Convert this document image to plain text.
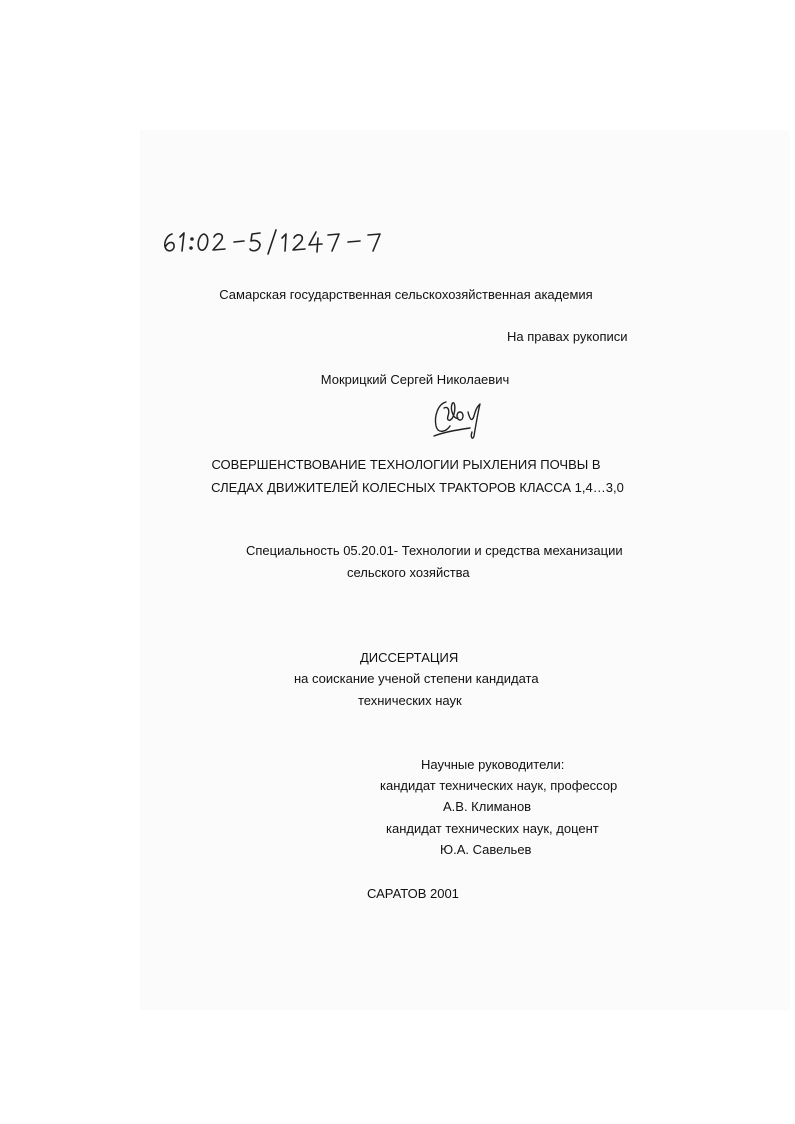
Самарская государственная сельскохозяйственная академия
На правах рукописи
Мокрицкий Сергей Николаевич
СОВЕРШЕНСТВОВАНИЕ ТЕХНОЛОГИИ РЫХЛЕНИЯ ПОЧВЫ В
СЛЕДАХ ДВИЖИТЕЛЕЙ КОЛЕСНЫХ ТРАКТОРОВ КЛАССА 1,4…3,0
Специальность 05.20.01- Технологии и средства механизации
сельского хозяйства
ДИССЕРТАЦИЯ
на соискание ученой степени кандидата
технических наук
Научные руководители:
кандидат технических наук, профессор
А.В. Климанов
кандидат технических наук, доцент
Ю.А. Савельев
САРАТОВ 2001
